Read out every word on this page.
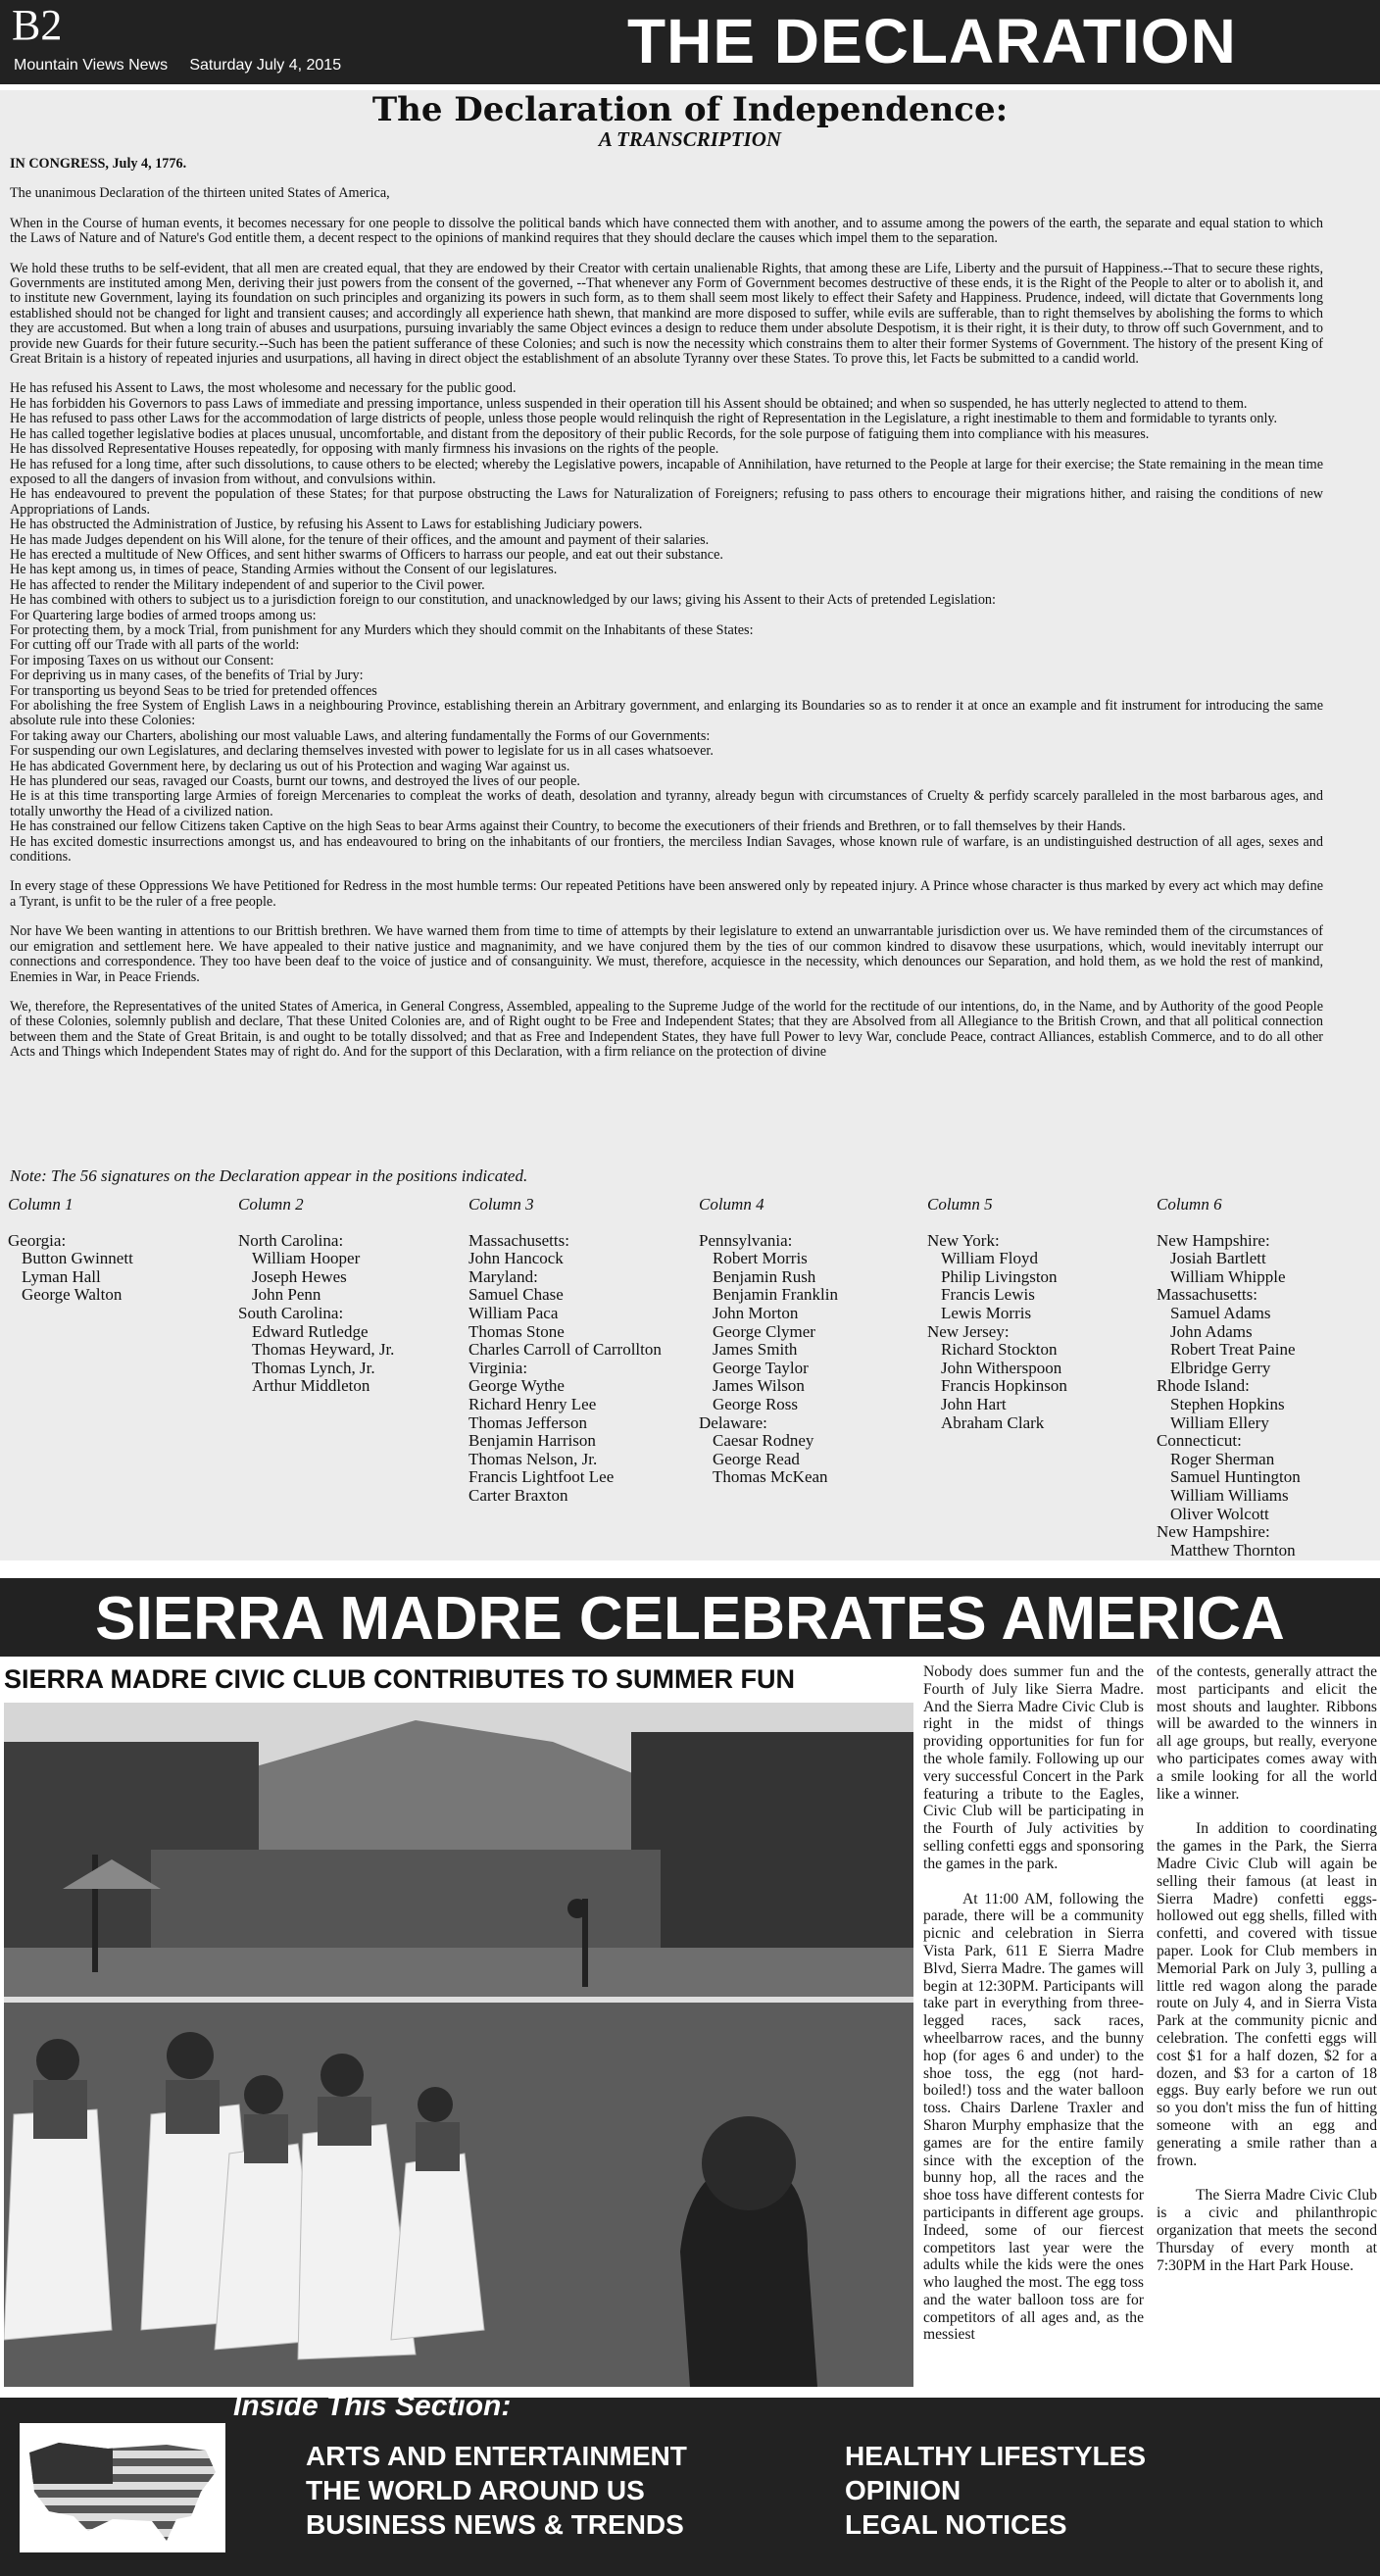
B2
Mountain Views News     Saturday July 4, 2015	THE DECLARATION
The Declaration of Independence:
A TRANSCRIPTION

IN CONGRESS, July 4, 1776.

The unanimous Declaration of the thirteen united States of America,

When in the Course of human events, it becomes necessary for one people to dissolve the political bands which have connected them with another, and to assume among the powers of the earth, the separate and equal station to which the Laws of Nature and of Nature's God entitle them, a decent respect to the opinions of mankind requires that they should declare the causes which impel them to the separation.

We hold these truths to be self-evident, that all men are created equal, that they are endowed by their Creator with certain unalienable Rights, that among these are Life, Liberty and the pursuit of Happiness.--That to secure these rights, Governments are instituted among Men, deriving their just powers from the consent of the governed, --That whenever any Form of Government becomes destructive of these ends, it is the Right of the People to alter or to abolish it, and to institute new Government, laying its foundation on such principles and organizing its powers in such form, as to them shall seem most likely to effect their Safety and Happiness. Prudence, indeed, will dictate that Governments long established should not be changed for light and transient causes; and accordingly all experience hath shewn, that mankind are more disposed to suffer, while evils are sufferable, than to right themselves by abolishing the forms to which they are accustomed. But when a long train of abuses and usurpations, pursuing invariably the same Object evinces a design to reduce them under absolute Despotism, it is their right, it is their duty, to throw off such Government, and to provide new Guards for their future security.--Such has been the patient sufferance of these Colonies; and such is now the necessity which constrains them to alter their former Systems of Government. The history of the present King of Great Britain is a history of repeated injuries and usurpations, all having in direct object the establishment of an absolute Tyranny over these States. To prove this, let Facts be submitted to a candid world.

He has refused his Assent to Laws, the most wholesome and necessary for the public good.
He has forbidden his Governors to pass Laws of immediate and pressing importance, unless suspended in their operation till his Assent should be obtained; and when so suspended, he has utterly neglected to attend to them.
He has refused to pass other Laws for the accommodation of large districts of people, unless those people would relinquish the right of Representation in the Legislature, a right inestimable to them and formidable to tyrants only.
He has called together legislative bodies at places unusual, uncomfortable, and distant from the depository of their public Records, for the sole purpose of fatiguing them into compliance with his measures.
He has dissolved Representative Houses repeatedly, for opposing with manly firmness his invasions on the rights of the people.
He has refused for a long time, after such dissolutions, to cause others to be elected; whereby the Legislative powers, incapable of Annihilation, have returned to the People at large for their exercise; the State remaining in the mean time exposed to all the dangers of invasion from without, and convulsions within.
He has endeavoured to prevent the population of these States; for that purpose obstructing the Laws for Naturalization of Foreigners; refusing to pass others to encourage their migrations hither, and raising the conditions of new Appropriations of Lands.
He has obstructed the Administration of Justice, by refusing his Assent to Laws for establishing Judiciary powers.
He has made Judges dependent on his Will alone, for the tenure of their offices, and the amount and payment of their salaries.
He has erected a multitude of New Offices, and sent hither swarms of Officers to harrass our people, and eat out their substance.
He has kept among us, in times of peace, Standing Armies without the Consent of our legislatures.
He has affected to render the Military independent of and superior to the Civil power.
He has combined with others to subject us to a jurisdiction foreign to our constitution, and unacknowledged by our laws; giving his Assent to their Acts of pretended Legislation:
For Quartering large bodies of armed troops among us:
For protecting them, by a mock Trial, from punishment for any Murders which they should commit on the Inhabitants of these States:
For cutting off our Trade with all parts of the world:
For imposing Taxes on us without our Consent:
For depriving us in many cases, of the benefits of Trial by Jury:
For transporting us beyond Seas to be tried for pretended offences
For abolishing the free System of English Laws in a neighbouring Province, establishing therein an Arbitrary government, and enlarging its Boundaries so as to render it at once an example and fit instrument for introducing the same absolute rule into these Colonies:
For taking away our Charters, abolishing our most valuable Laws, and altering fundamentally the Forms of our Governments:
For suspending our own Legislatures, and declaring themselves invested with power to legislate for us in all cases whatsoever.
He has abdicated Government here, by declaring us out of his Protection and waging War against us.
He has plundered our seas, ravaged our Coasts, burnt our towns, and destroyed the lives of our people.
He is at this time transporting large Armies of foreign Mercenaries to compleat the works of death, desolation and tyranny, already begun with circumstances of Cruelty & perfidy scarcely paralleled in the most barbarous ages, and totally unworthy the Head of a civilized nation.
He has constrained our fellow Citizens taken Captive on the high Seas to bear Arms against their Country, to become the executioners of their friends and Brethren, or to fall themselves by their Hands.
He has excited domestic insurrections amongst us, and has endeavoured to bring on the inhabitants of our frontiers, the merciless Indian Savages, whose known rule of warfare, is an undistinguished destruction of all ages, sexes and conditions.

In every stage of these Oppressions We have Petitioned for Redress in the most humble terms: Our repeated Petitions have been answered only by repeated injury. A Prince whose character is thus marked by every act which may define a Tyrant, is unfit to be the ruler of a free people.

Nor have We been wanting in attentions to our Brittish brethren. We have warned them from time to time of attempts by their legislature to extend an unwarrantable jurisdiction over us. We have reminded them of the circumstances of our emigration and settlement here. We have appealed to their native justice and magnanimity, and we have conjured them by the ties of our common kindred to disavow these usurpations, which, would inevitably interrupt our connections and correspondence. They too have been deaf to the voice of justice and of consanguinity. We must, therefore, acquiesce in the necessity, which denounces our Separation, and hold them, as we hold the rest of mankind, Enemies in War, in Peace Friends.

We, therefore, the Representatives of the united States of America, in General Congress, Assembled, appealing to the Supreme Judge of the world for the rectitude of our intentions, do, in the Name, and by Authority of the good People of these Colonies, solemnly publish and declare, That these United Colonies are, and of Right ought to be Free and Independent States; that they are Absolved from all Allegiance to the British Crown, and that all political connection between them and the State of Great Britain, is and ought to be totally dissolved; and that as Free and Independent States, they have full Power to levy War, conclude Peace, contract Alliances, establish Commerce, and to do all other Acts and Things which Independent States may of right do. And for the support of this Declaration, with a firm reliance on the protection of divine

Note: The 56 signatures on the Declaration appear in the positions indicated.
Column 1
Georgia:
Button Gwinnett
Lyman Hall
George Walton
Column 2
North Carolina:
William Hooper
Joseph Hewes
John Penn
South Carolina:
Edward Rutledge
Thomas Heyward, Jr.
Thomas Lynch, Jr.
Arthur Middleton
Column 3
Massachusetts:
John Hancock
Maryland:
Samuel Chase
William Paca
Thomas Stone
Charles Carroll of Carrollton
Virginia:
George Wythe
Richard Henry Lee
Thomas Jefferson
Benjamin Harrison
Thomas Nelson, Jr.
Francis Lightfoot Lee
Carter Braxton
Column 4
Pennsylvania:
Robert Morris
Benjamin Rush
Benjamin Franklin
John Morton
George Clymer
James Smith
George Taylor
James Wilson
George Ross
Delaware:
Caesar Rodney
George Read
Thomas McKean
Column 5
New York:
William Floyd
Philip Livingston
Francis Lewis
Lewis Morris
New Jersey:
Richard Stockton
John Witherspoon
Francis Hopkinson
John Hart
Abraham Clark
Column 6
New Hampshire:
Josiah Bartlett
William Whipple
Massachusetts:
Samuel Adams
John Adams
Robert Treat Paine
Elbridge Gerry
Rhode Island:
Stephen Hopkins
William Ellery
Connecticut:
Roger Sherman
Samuel Huntington
William Williams
Oliver Wolcott
New Hampshire:
Matthew Thornton
SIERRA MADRE CELEBRATES AMERICA
SIERRA MADRE CIVIC CLUB CONTRIBUTES TO SUMMER FUN	Nobody does summer fun and the Fourth of July like Sierra Madre. And the Sierra Madre Civic Club is right in the midst of things providing opportunities for fun for the whole family. Following up our very successful Concert in the Park featuring a tribute to the Eagles, Civic Club will be participating in the Fourth of July activities by selling confetti eggs and sponsoring the games in the park.

At 11:00 AM, following the parade, there will be a community picnic and celebration in Sierra Vista Park, 611 E Sierra Madre Blvd, Sierra Madre. The games will begin at 12:30PM. Participants will take part in everything from three-legged races, sack races, wheelbarrow races, and the bunny hop (for ages 6 and under) to the shoe toss, the egg (not hard-boiled!) toss and the water balloon toss. Chairs Darlene Traxler and Sharon Murphy emphasize that the games are for the entire family since with the exception of the bunny hop, all the races and the shoe toss have different contests for participants in different age groups. Indeed, some of our fiercest competitors last year were the adults while the kids were the ones who laughed the most. The egg toss and the water balloon toss are for competitors of all ages and, as the messiest

of the contests, generally attract the most participants and elicit the most shouts and laughter. Ribbons will be awarded to the winners in all age groups, but really, everyone who participates comes away with a smile looking for all the world like a winner.

In addition to coordinating the games in the Park, the Sierra Madre Civic Club will again be selling their famous (at least in Sierra Madre) confetti eggs- hollowed out egg shells, filled with confetti, and covered with tissue paper. Look for Club members in Memorial Park on July 3, pulling a little red wagon along the parade route on July 4, and in Sierra Vista Park at the community picnic and celebration. The confetti eggs will cost $1 for a half dozen, $2 for a dozen, and $3 for a carton of 18 eggs. Buy early before we run out so you don't miss the fun of hitting someone with an egg and generating a smile rather than a frown.

The Sierra Madre Civic Club is a civic and philanthropic organization that meets the second Thursday of every month at 7:30PM in the Hart Park House.

Inside This Section:
ARTS AND ENTERTAINMENT
THE WORLD AROUND US
BUSINESS NEWS & TRENDS
HEALTHY LIFESTYLES
OPINION
LEGAL NOTICES
